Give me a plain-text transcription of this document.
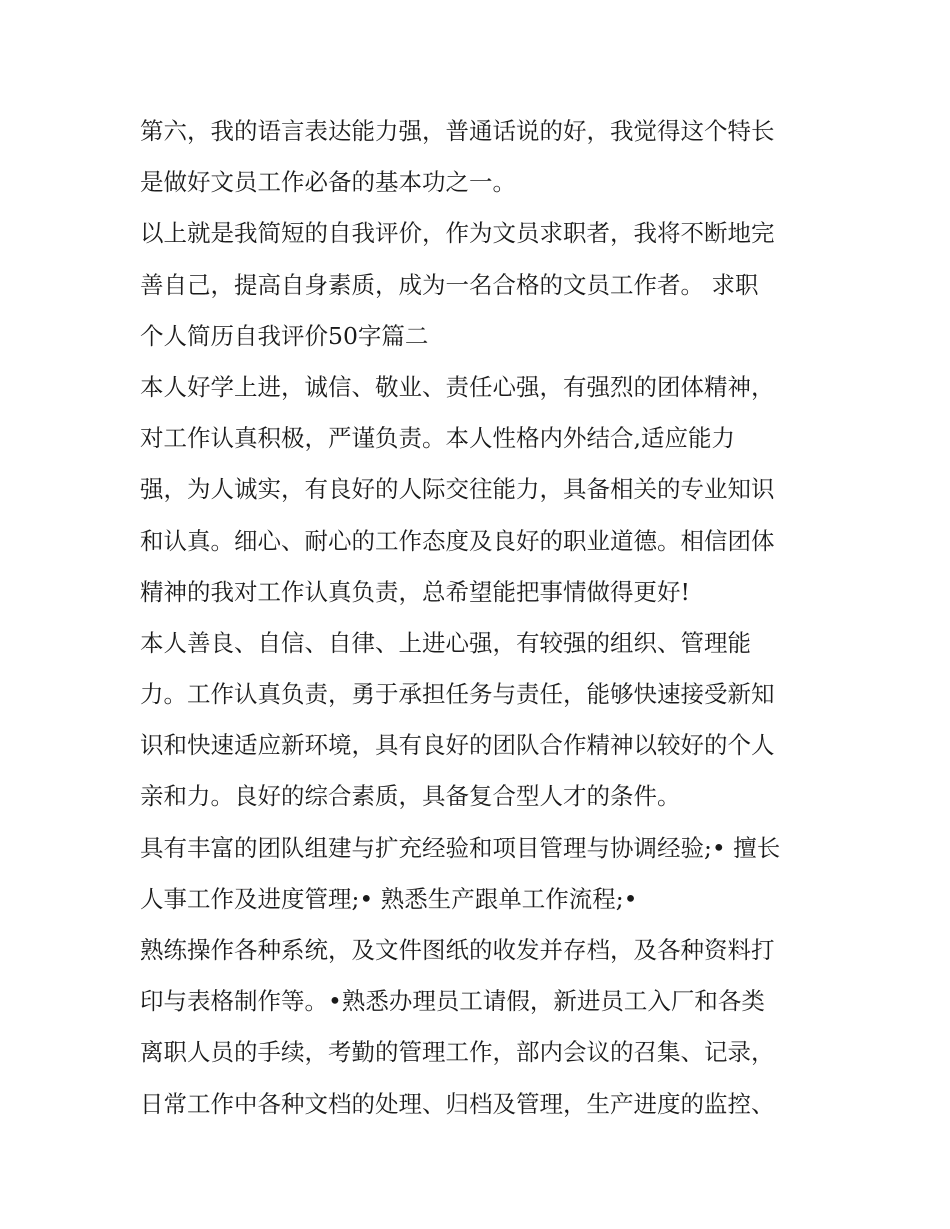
第六，我的语言表达能力强，普通话说的好，我觉得这个特长
是做好文员工作必备的基本功之一。
以上就是我简短的自我评价，作为文员求职者，我将不断地完
善自己，提高自身素质，成为一名合格的文员工作者。 求职
个人简历自我评价50字篇二
本人好学上进，诚信、敬业、责任心强，有强烈的团体精神，
对工作认真积极，严谨负责。本人性格内外结合,适应能力
强，为人诚实，有良好的人际交往能力，具备相关的专业知识
和认真。细心、耐心的工作态度及良好的职业道德。相信团体
精神的我对工作认真负责，总希望能把事情做得更好!
本人善良、自信、自律、上进心强，有较强的组织、管理能
力。工作认真负责，勇于承担任务与责任，能够快速接受新知
识和快速适应新环境，具有良好的团队合作精神以较好的个人
亲和力。良好的综合素质，具备复合型人才的条件。
具有丰富的团队组建与扩充经验和项目管理与协调经验;• 擅长
人事工作及进度管理;• 熟悉生产跟单工作流程;•
熟练操作各种系统，及文件图纸的收发并存档，及各种资料打
印与表格制作等。•熟悉办理员工请假，新进员工入厂和各类
离职人员的手续，考勤的管理工作，部内会议的召集、记录，
日常工作中各种文档的处理、归档及管理，生产进度的监控、
